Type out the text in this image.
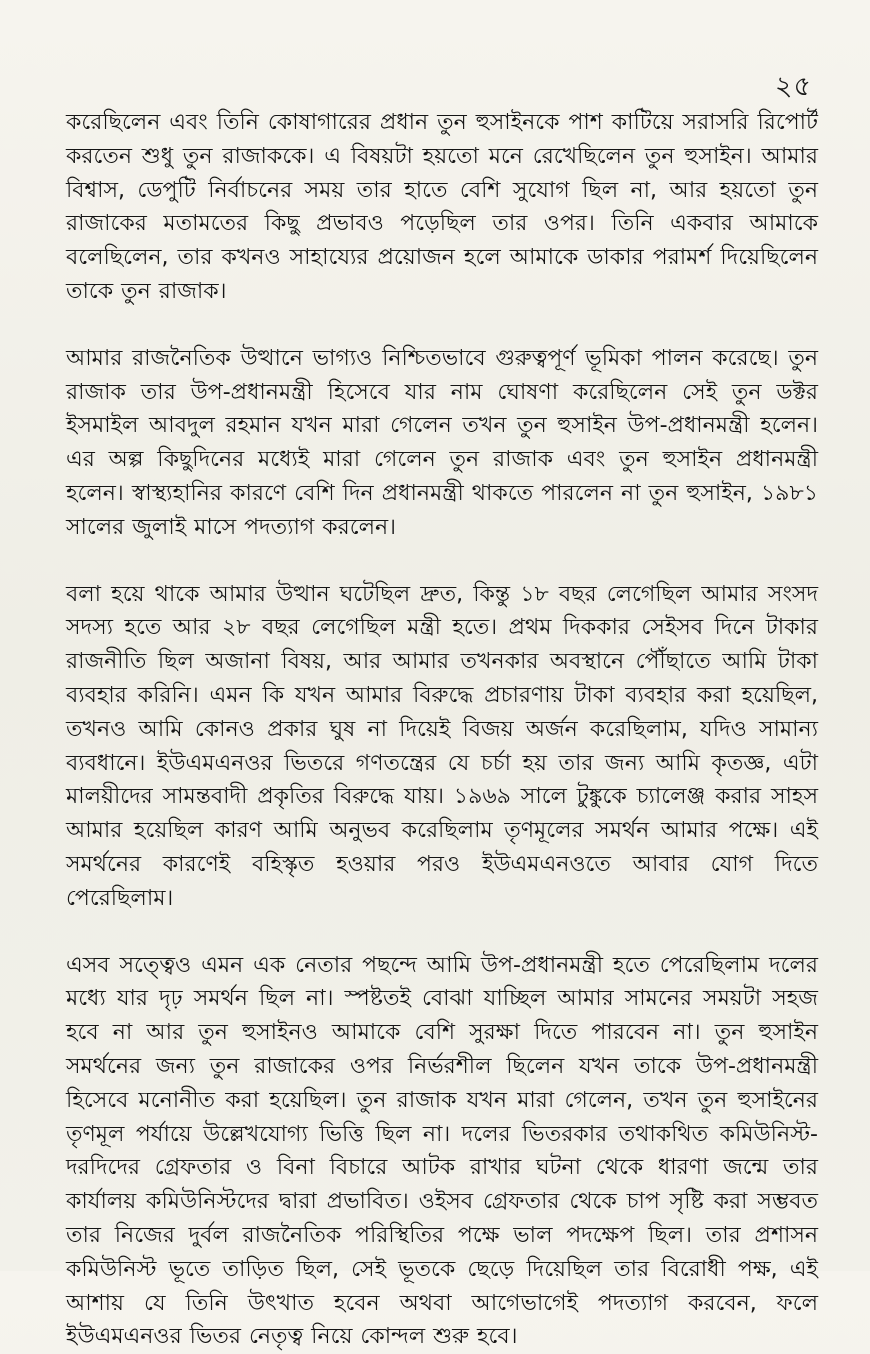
২৫

করেছিলেন এবং তিনি কোষাগারের প্রধান তুন হুসাইনকে পাশ কাটিয়ে সরাসরি রিপোর্ট করতেন শুধু তুন রাজাককে। এ বিষয়টা হয়তো মনে রেখেছিলেন তুন হুসাইন। আমার বিশ্বাস, ডেপুটি নির্বাচনের সময় তার হাতে বেশি সুযোগ ছিল না, আর হয়তো তুন রাজাকের মতামতের কিছু প্রভাবও পড়েছিল তার ওপর। তিনি একবার আমাকে বলেছিলেন, তার কখনও সাহায্যের প্রয়োজন হলে আমাকে ডাকার পরামর্শ দিয়েছিলেন তাকে তুন রাজাক।

আমার রাজনৈতিক উত্থানে ভাগ্যও নিশ্চিতভাবে গুরুত্বপূর্ণ ভূমিকা পালন করেছে। তুন রাজাক তার উপ-প্রধানমন্ত্রী হিসেবে যার নাম ঘোষণা করেছিলেন সেই তুন ডক্টর ইসমাইল আবদুল রহমান যখন মারা গেলেন তখন তুন হুসাইন উপ-প্রধানমন্ত্রী হলেন। এর অল্প কিছুদিনের মধ্যেই মারা গেলেন তুন রাজাক এবং তুন হুসাইন প্রধানমন্ত্রী হলেন। স্বাস্থ্যহানির কারণে বেশি দিন প্রধানমন্ত্রী থাকতে পারলেন না তুন হুসাইন, ১৯৮১ সালের জুলাই মাসে পদত্যাগ করলেন।

বলা হয়ে থাকে আমার উত্থান ঘটেছিল দ্রুত, কিন্তু ১৮ বছর লেগেছিল আমার সংসদ সদস্য হতে আর ২৮ বছর লেগেছিল মন্ত্রী হতে। প্রথম দিককার সেইসব দিনে টাকার রাজনীতি ছিল অজানা বিষয়, আর আমার তখনকার অবস্থানে পৌঁছাতে আমি টাকা ব্যবহার করিনি। এমন কি যখন আমার বিরুদ্ধে প্রচারণায় টাকা ব্যবহার করা হয়েছিল, তখনও আমি কোনও প্রকার ঘুষ না দিয়েই বিজয় অর্জন করেছিলাম, যদিও সামান্য ব্যবধানে। ইউএমএনওর ভিতরে গণতন্ত্রের যে চর্চা হয় তার জন্য আমি কৃতজ্ঞ, এটা মালয়ীদের সামন্তবাদী প্রকৃতির বিরুদ্ধে যায়। ১৯৬৯ সালে টুঙ্কুকে চ্যালেঞ্জ করার সাহস আমার হয়েছিল কারণ আমি অনুভব করেছিলাম তৃণমূলের সমর্থন আমার পক্ষে। এই সমর্থনের কারণেই বহিস্কৃত হওয়ার পরও ইউএমএনওতে আবার যোগ দিতে পেরেছিলাম।

এসব সত্ত্বেও এমন এক নেতার পছন্দে আমি উপ-প্রধানমন্ত্রী হতে পেরেছিলাম দলের মধ্যে যার দৃঢ় সমর্থন ছিল না। স্পষ্টতই বোঝা যাচ্ছিল আমার সামনের সময়টা সহজ হবে না আর তুন হুসাইনও আমাকে বেশি সুরক্ষা দিতে পারবেন না। তুন হুসাইন সমর্থনের জন্য তুন রাজাকের ওপর নির্ভরশীল ছিলেন যখন তাকে উপ-প্রধানমন্ত্রী হিসেবে মনোনীত করা হয়েছিল। তুন রাজাক যখন মারা গেলেন, তখন তুন হুসাইনের তৃণমূল পর্যায়ে উল্লেখযোগ্য ভিত্তি ছিল না। দলের ভিতরকার তথাকথিত কমিউনিস্ট-দরদিদের গ্রেফতার ও বিনা বিচারে আটক রাখার ঘটনা থেকে ধারণা জন্মে তার কার্যালয় কমিউনিস্টদের দ্বারা প্রভাবিত। ওইসব গ্রেফতার থেকে চাপ সৃষ্টি করা সম্ভবত তার নিজের দুর্বল রাজনৈতিক পরিস্থিতির পক্ষে ভাল পদক্ষেপ ছিল। তার প্রশাসন কমিউনিস্ট ভূতে তাড়িত ছিল, সেই ভূতকে ছেড়ে দিয়েছিল তার বিরোধী পক্ষ, এই আশায় যে তিনি উৎখাত হবেন অথবা আগেভাগেই পদত্যাগ করবেন, ফলে ইউএমএনওর ভিতর নেতৃত্ব নিয়ে কোন্দল শুরু হবে।
